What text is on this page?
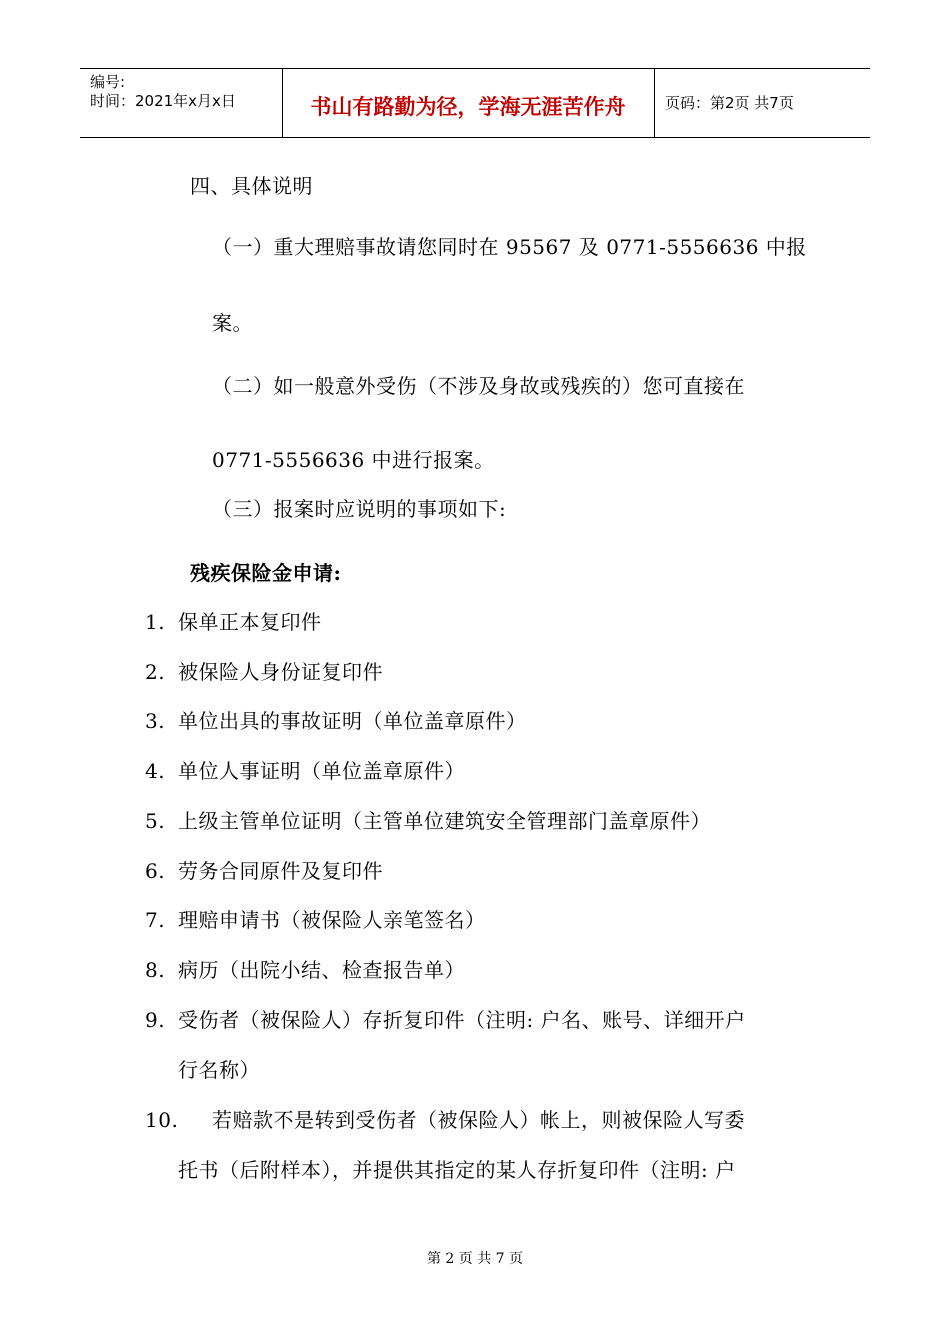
编号:
时间：2021年x月x日	书山有路勤为径，学海无涯苦作舟	页码：第2页 共7页
四、具体说明
（一）重大理赔事故请您同时在 95567 及 0771-5556636 中报
案。
（二）如一般意外受伤（不涉及身故或残疾的）您可直接在
0771-5556636 中进行报案。
（三）报案时应说明的事项如下:
残疾保险金申请:
1. 保单正本复印件
2. 被保险人身份证复印件
3. 单位出具的事故证明（单位盖章原件）
4. 单位人事证明（单位盖章原件）
5. 上级主管单位证明（主管单位建筑安全管理部门盖章原件）
6. 劳务合同原件及复印件
7. 理赔申请书（被保险人亲笔签名）
8. 病历（出院小结、检查报告单）
9. 受伤者（被保险人）存折复印件（注明: 户名、账号、详细开户
行名称）
10. 若赔款不是转到受伤者（被保险人）帐上，则被保险人写委
托书（后附样本），并提供其指定的某人存折复印件（注明: 户
第 2 页 共 7 页
